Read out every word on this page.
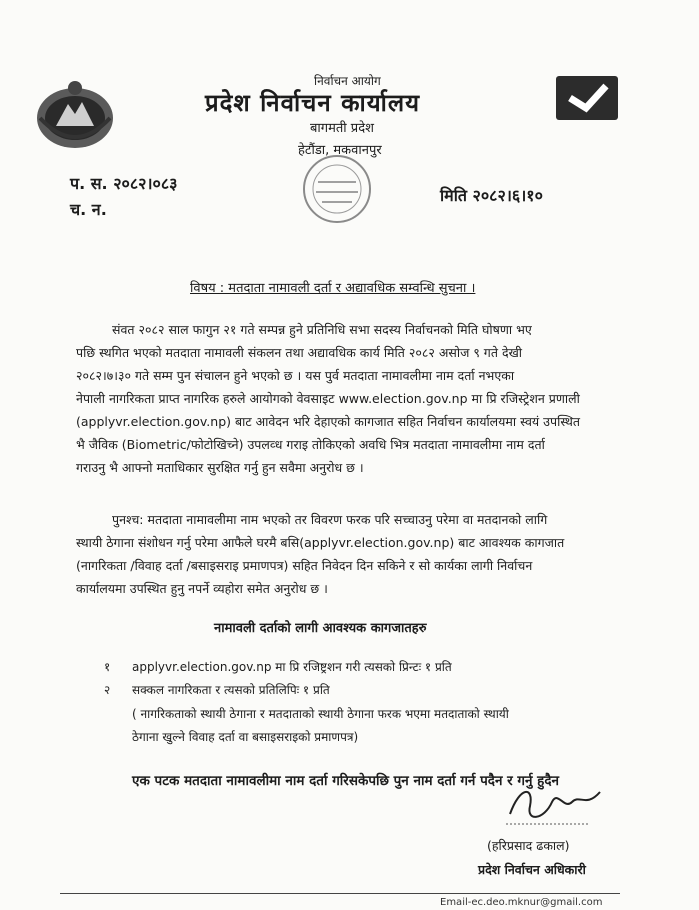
निर्वाचन आयोग
प्रदेश निर्वाचन कार्यालय
बागमती प्रदेश
हेटौंडा, मकवानपुर
प. स. २०८२।०८३
च. न.
मिति २०८२।६।१०
विषय : मतदाता नामावली दर्ता र अद्यावधिक सम्वन्धि सुचना ।
संवत २०८२ साल फागुन २१ गते सम्पन्न हुने प्रतिनिधि सभा सदस्य निर्वाचनको मिति घोषणा भए
पछि स्थगित भएको मतदाता नामावली संकलन तथा अद्यावधिक कार्य मिति २०८२ असोज ९ गते देखी
२०८२।७।३० गते सम्म पुन संचालन हुने भएको छ । यस पुर्व मतदाता नामावलीमा नाम दर्ता नभएका
नेपाली नागरिकता प्राप्त नागरिक हरुले आयोगको वेवसाइट www.election.gov.np मा प्रि रजिस्ट्रेशन प्रणाली
(applyvr.election.gov.np) बाट आवेदन भरि देहाएको कागजात सहित निर्वाचन कार्यालयमा स्वयं उपस्थित
भै जैविक (Biometric/फोटोखिच्ने) उपलव्ध गराइ तोकिएको अवधि भित्र मतदाता नामावलीमा नाम दर्ता
गराउनु भै आफ्नो मताधिकार सुरक्षित गर्नु हुन सवैमा अनुरोध छ ।
पुनश्च: मतदाता नामावलीमा नाम भएको तर विवरण फरक परि सच्चाउनु परेमा वा मतदानको लागि
स्थायी ठेगाना संशोधन गर्नु परेमा आफैले घरमै बसि(applyvr.election.gov.np) बाट आवश्यक कागजात
(नागरिकता /विवाह दर्ता /बसाइसराइ प्रमाणपत्र) सहित निवेदन दिन सकिने र सो कार्यका लागी निर्वाचन
कार्यालयमा उपस्थित हुनु नपर्ने व्यहोरा समेत अनुरोध छ ।
नामावली दर्ताको लागी आवश्यक कागजातहरु
१ applyvr.election.gov.np मा प्रि रजिष्ट्रशन गरी त्यसको प्रिन्टः १ प्रति
२ सक्कल नागरिकता र त्यसको प्रतिलिपिः १ प्रति
( नागरिकताको स्थायी ठेगाना र मतदाताको स्थायी ठेगाना फरक भएमा मतदाताको स्थायी
ठेगाना खुल्ने विवाह दर्ता वा बसाइसराइको प्रमाणपत्र)
एक पटक मतदाता नामावलीमा नाम दर्ता गरिसकेपछि पुन नाम दर्ता गर्न पदैन र गर्नु हुदैन
(हरिप्रसाद ढकाल)
प्रदेश निर्वाचन अधिकारी
Email-ec.deo.mknur@gmail.com
